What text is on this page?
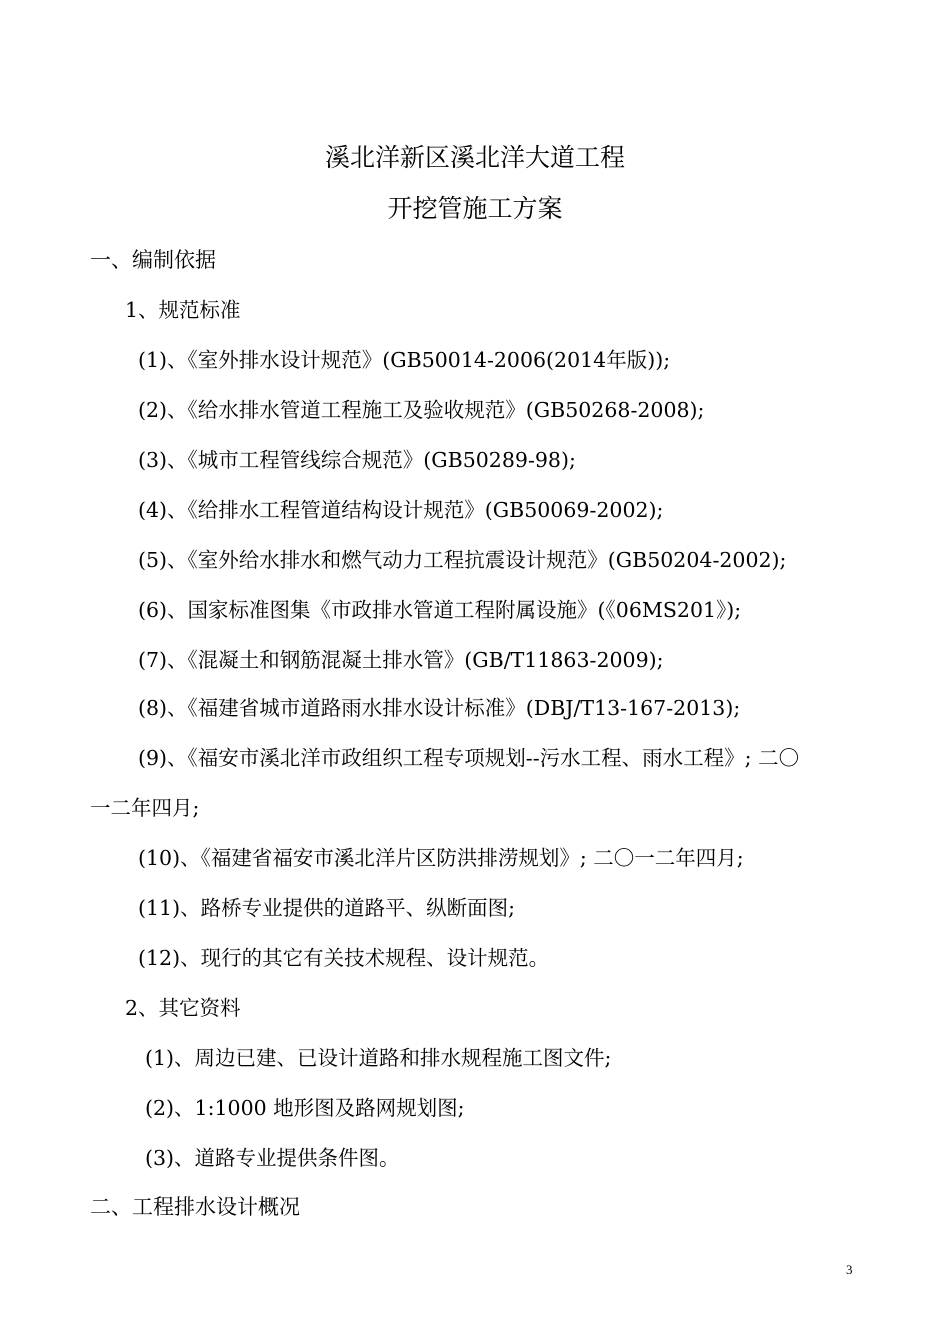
溪北洋新区溪北洋大道工程
开挖管施工方案
一、编制依据
1、规范标准
(1)、《室外排水设计规范》(GB50014-2006(2014年版));
(2)、《给水排水管道工程施工及验收规范》(GB50268-2008);
(3)、《城市工程管线综合规范》(GB50289-98);
(4)、《给排水工程管道结构设计规范》(GB50069-2002);
(5)、《室外给水排水和燃气动力工程抗震设计规范》(GB50204-2002);
(6)、国家标准图集《市政排水管道工程附属设施》(《06MS201》);
(7)、《混凝土和钢筋混凝土排水管》(GB/T11863-2009);
(8)、《福建省城市道路雨水排水设计标准》(DBJ/T13-167-2013);
(9)、《福安市溪北洋市政组织工程专项规划--污水工程、雨水工程》; 二〇
一二年四月;
(10)、《福建省福安市溪北洋片区防洪排涝规划》; 二〇一二年四月;
(11)、路桥专业提供的道路平、纵断面图;
(12)、现行的其它有关技术规程、设计规范。
2、其它资料
(1)、周边已建、已设计道路和排水规程施工图文件;
(2)、1:1000 地形图及路网规划图;
(3)、道路专业提供条件图。
二、工程排水设计概况
3
